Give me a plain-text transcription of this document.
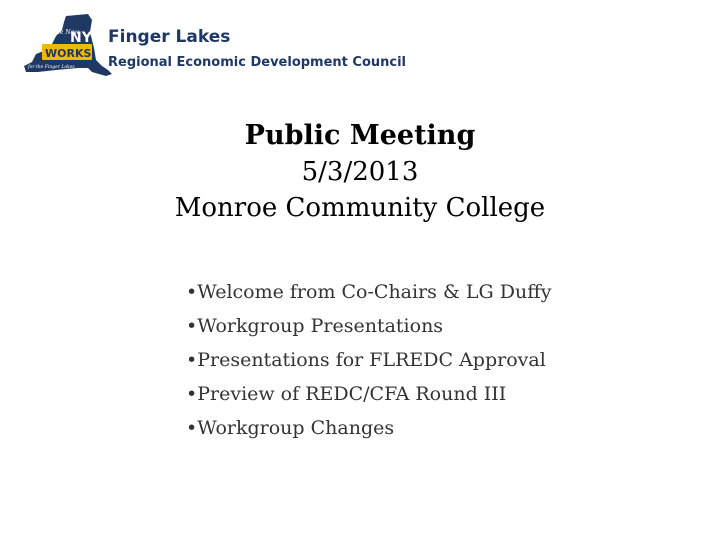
The New
NY
WORKS
for the Finger Lakes
Finger Lakes
Regional Economic Development Council
Public Meeting
5/3/2013
Monroe Community College
•Welcome from Co-Chairs & LG Duffy
•Workgroup Presentations
•Presentations for FLREDC Approval
•Preview of REDC/CFA Round III
•Workgroup Changes
